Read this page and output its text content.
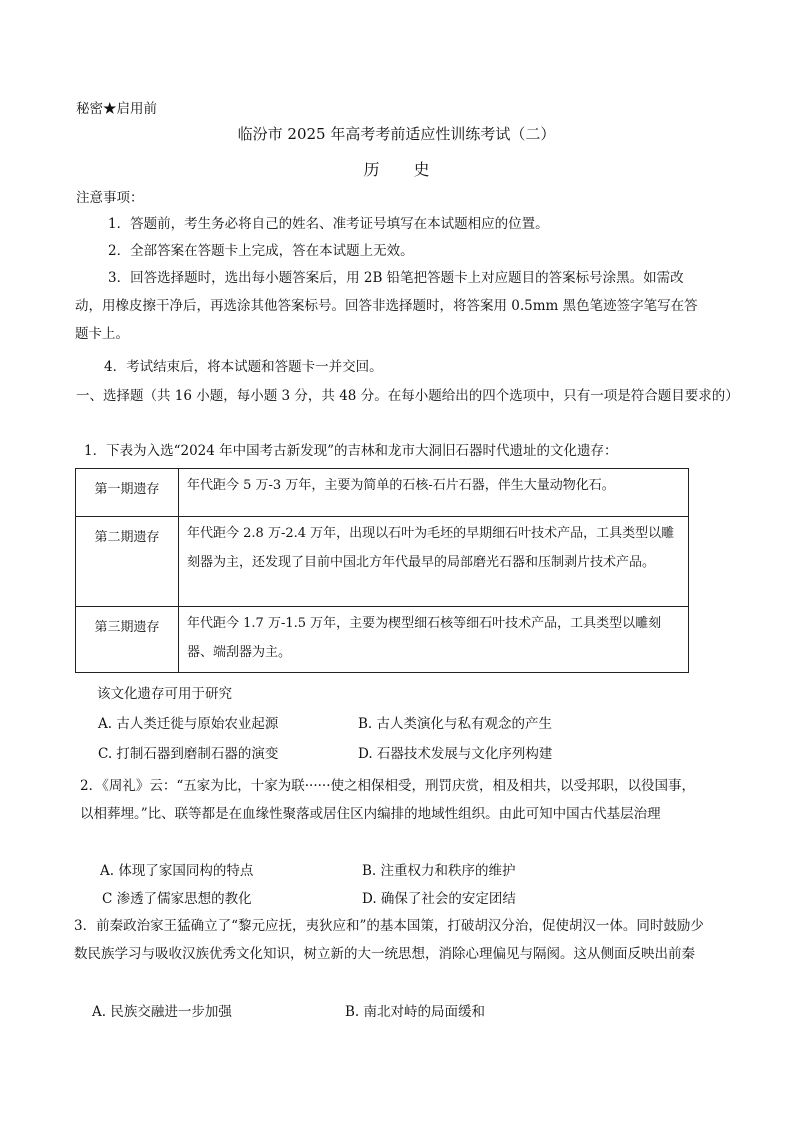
秘密★启用前
临汾市 2025 年高考考前适应性训练考试（二）
历史
注意事项：
1．答题前，考生务必将自己的姓名、准考证号填写在本试题相应的位置。
2．全部答案在答题卡上完成，答在本试题上无效。
3．回答选择题时，选出每小题答案后，用 2B 铅笔把答题卡上对应题目的答案标号涂黑。如需改动，用橡皮擦干净后，再选涂其他答案标号。回答非选择题时，将答案用 0.5mm 黑色笔迹签字笔写在答题卡上。
4．考试结束后，将本试题和答题卡一并交回。
一、选择题（共 16 小题，每小题 3 分，共 48 分。在每小题给出的四个选项中，只有一项是符合题目要求的）
1．下表为入选“2024 年中国考古新发现”的吉林和龙市大洞旧石器时代遗址的文化遗存：
第一期遗存	年代距今 5 万-3 万年，主要为简单的石核-石片石器，伴生大量动物化石。
第二期遗存	年代距今 2.8 万-2.4 万年，出现以石叶为毛坯的早期细石叶技术产品，工具类型以雕刻器为主，还发现了目前中国北方年代最早的局部磨光石器和压制剥片技术产品。
第三期遗存	年代距今 1.7 万-1.5 万年，主要为楔型细石核等细石叶技术产品，工具类型以雕刻器、端刮器为主。
该文化遗存可用于研究
A. 古人类迁徙与原始农业起源	B. 古人类演化与私有观念的产生
C. 打制石器到磨制石器的演变	D. 石器技术发展与文化序列构建
2．《周礼》云：“五家为比，十家为联······使之相保相受，刑罚庆赏，相及相共，以受邦职，以役国事，以相葬埋。”比、联等都是在血缘性聚落或居住区内编排的地域性组织。由此可知中国古代基层治理
A. 体现了家国同构的特点	B. 注重权力和秩序的维护
C 渗透了儒家思想的教化	D. 确保了社会的安定团结
3．前秦政治家王猛确立了“黎元应抚，夷狄应和”的基本国策，打破胡汉分治，促使胡汉一体。同时鼓励少数民族学习与吸收汉族优秀文化知识，树立新的大一统思想，消除心理偏见与隔阂。这从侧面反映出前秦
A. 民族交融进一步加强	B. 南北对峙的局面缓和
